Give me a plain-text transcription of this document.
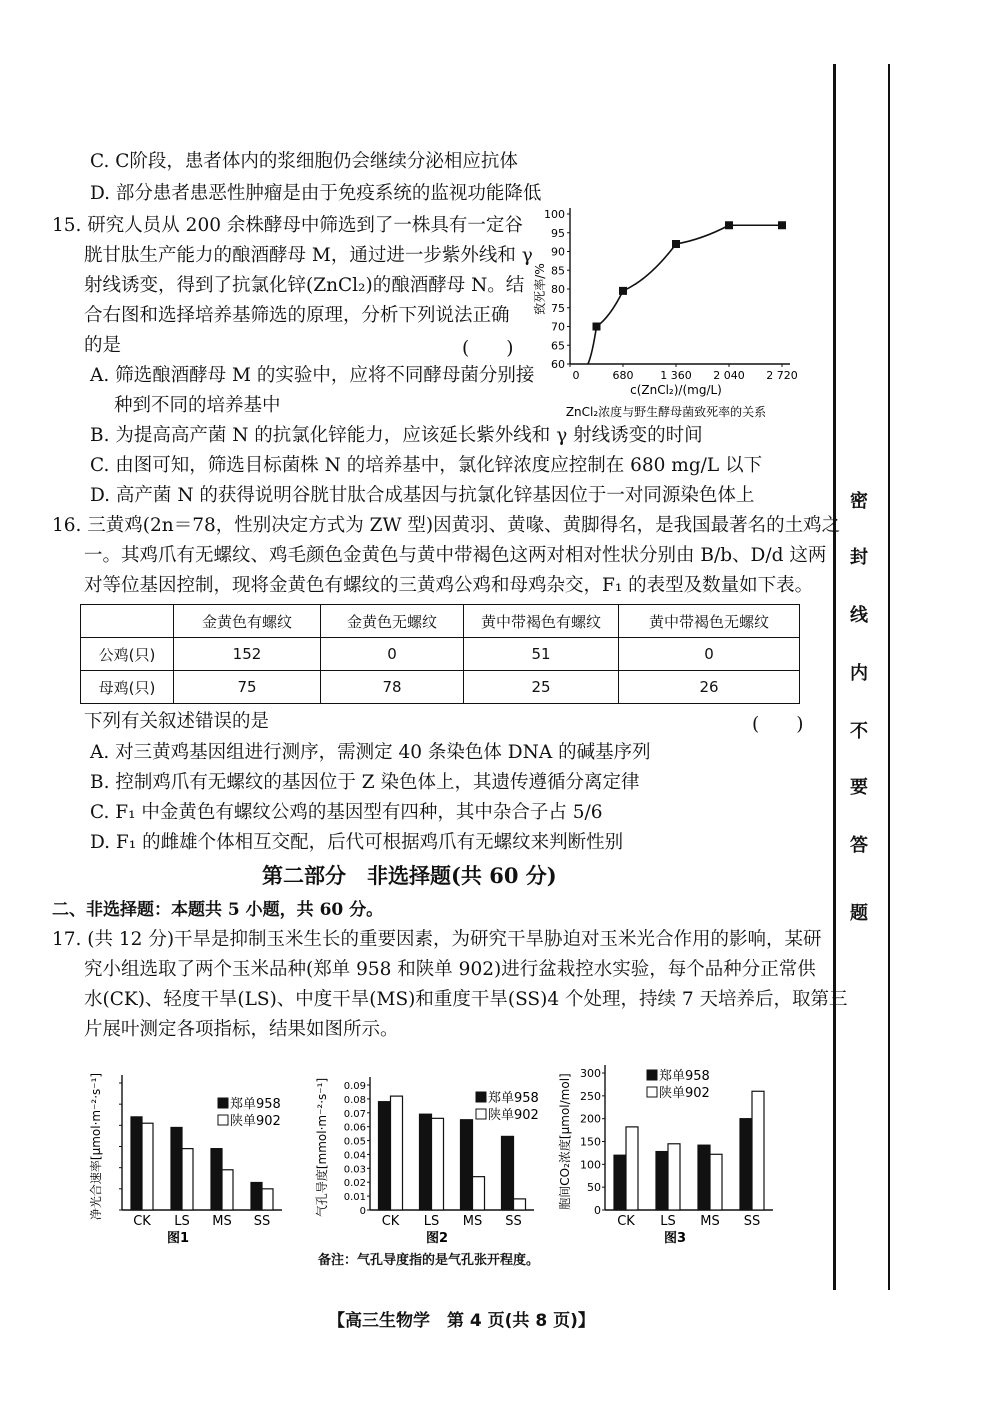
密
封
线
内
不
要
答
题
C. C阶段，患者体内的浆细胞仍会继续分泌相应抗体
D. 部分患者患恶性肿瘤是由于免疫系统的监视功能降低
15. 研究人员从 200 余株酵母中筛选到了一株具有一定谷
胱甘肽生产能力的酿酒酵母 M，通过进一步紫外线和 γ
射线诱变，得到了抗氯化锌(ZnCl₂)的酿酒酵母 N。结
合右图和选择培养基筛选的原理，分析下列说法正确
的是	(　　)
A. 筛选酿酒酵母 M 的实验中，应将不同酵母菌分别接
种到不同的培养基中
B. 为提高高产菌 N 的抗氯化锌能力，应该延长紫外线和 γ 射线诱变的时间
C. 由图可知，筛选目标菌株 N 的培养基中，氯化锌浓度应控制在 680 mg/L 以下
D. 高产菌 N 的获得说明谷胱甘肽合成基因与抗氯化锌基因位于一对同源染色体上
60
65
70
75
80
85
90
95
100
0	680 1 360 2 040 2 720
c(ZnCl₂)/(mg/L)
致死率/%
ZnCl₂浓度与野生酵母菌致死率的关系
16. 三黄鸡(2n＝78，性别决定方式为 ZW 型)因黄羽、黄喙、黄脚得名，是我国最著名的土鸡之
一。其鸡爪有无螺纹、鸡毛颜色金黄色与黄中带褐色这两对相对性状分别由 B/b、D/d 这两
对等位基因控制，现将金黄色有螺纹的三黄鸡公鸡和母鸡杂交，F₁ 的表型及数量如下表。
	金黄色有螺纹	金黄色无螺纹	黄中带褐色有螺纹	黄中带褐色无螺纹
公鸡(只)	152	0	51	0
母鸡(只)	75	78	25	26
下列有关叙述错误的是	(　　)
A. 对三黄鸡基因组进行测序，需测定 40 条染色体 DNA 的碱基序列
B. 控制鸡爪有无螺纹的基因位于 Z 染色体上，其遗传遵循分离定律
C. F₁ 中金黄色有螺纹公鸡的基因型有四种，其中杂合子占 5/6
D. F₁ 的雌雄个体相互交配，后代可根据鸡爪有无螺纹来判断性别
第二部分　非选择题(共 60 分)
二、非选择题：本题共 5 小题，共 60 分。
17. (共 12 分)干旱是抑制玉米生长的重要因素，为研究干旱胁迫对玉米光合作用的影响，某研
究小组选取了两个玉米品种(郑单 958 和陕单 902)进行盆栽控水实验，每个品种分正常供
水(CK)、轻度干旱(LS)、中度干旱(MS)和重度干旱(SS)4 个处理，持续 7 天培养后，取第三
片展叶测定各项指标，结果如图所示。
净光合速率[μmol·m⁻²·s⁻¹]
CK LS MS SS
郑单958
陕单902
图1
0
0.01
0.02
0.03
0.04
0.05
0.06
0.07
0.08
0.09
气孔导度[mmol·m⁻²·s⁻¹]
CK LS MS SS
郑单958
陕单902
图2
0
50
100
150
200
250
300
胞间CO₂浓度[μmol/mol]
CK LS MS SS
郑单958
陕单902
图3
备注：气孔导度指的是气孔张开程度。
【高三生物学　第 4 页(共 8 页)】
